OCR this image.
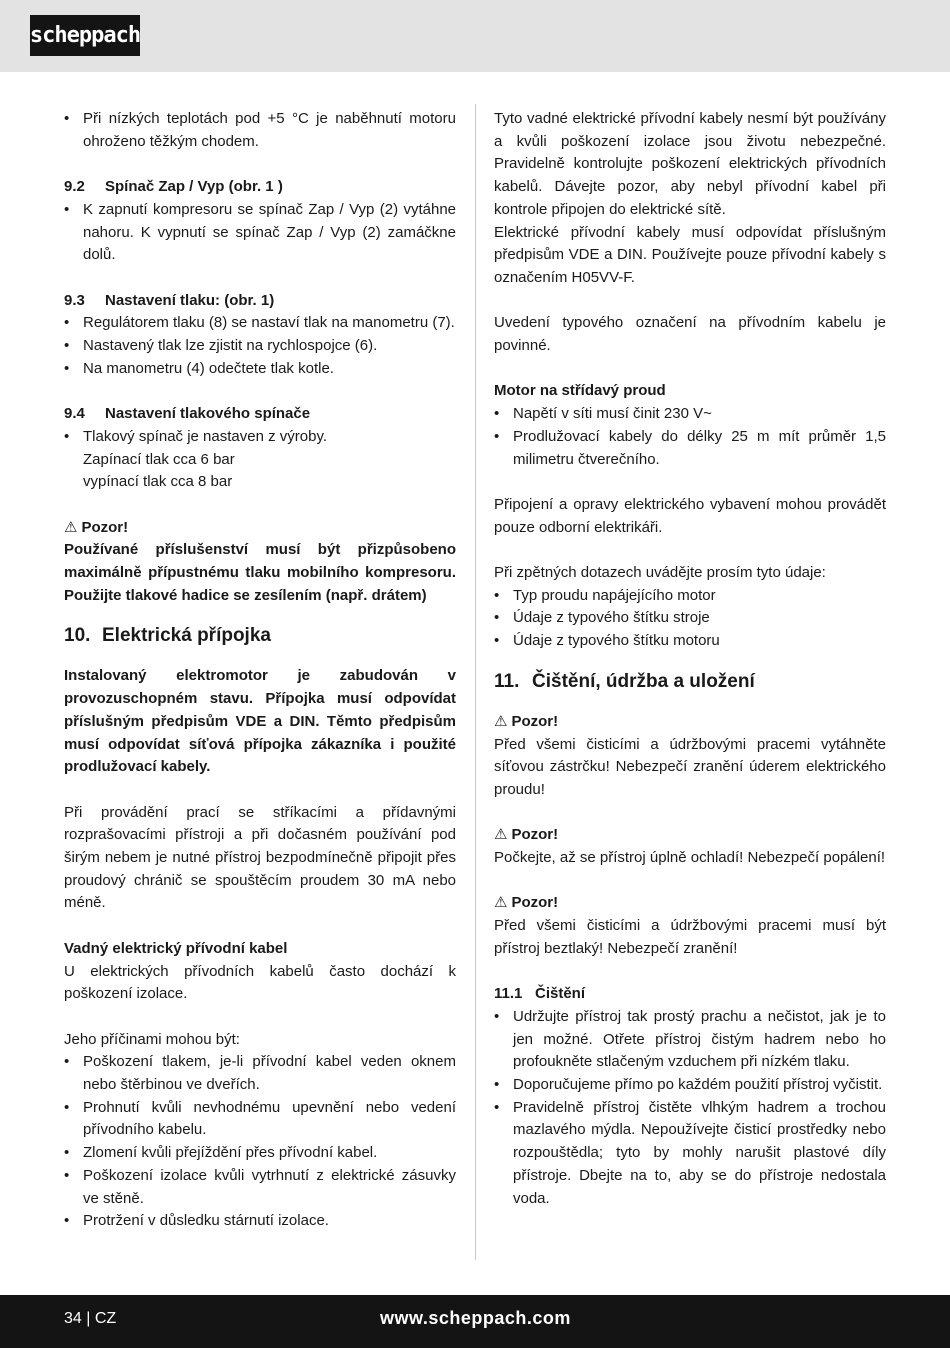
scheppach
• Při nízkých teplotách pod +5 °C je naběhnutí motoru ohroženo těžkým chodem.
9.2 Spínač Zap / Vyp (obr. 1 )
• K zapnutí kompresoru se spínač Zap / Vyp (2) vytáhne nahoru. K vypnutí se spínač Zap / Vyp (2) zamáčkne dolů.
9.3 Nastavení tlaku: (obr. 1)
• Regulátorem tlaku (8) se nastaví tlak na manometru (7).
• Nastavený tlak lze zjistit na rychlospojce (6).
• Na manometru (4) odečtete tlak kotle.
9.4 Nastavení tlakového spínače
• Tlakový spínač je nastaven z výroby.
Zapínací tlak cca 6 bar
vypínací tlak cca 8 bar
⚠ Pozor!

Používané příslušenství musí být přizpůsobeno maximálně přípustnému tlaku mobilního kompresoru. Použijte tlakové hadice se zesílením (např. drátem)

10. Elektrická přípojka

Instalovaný elektromotor je zabudován v provozuschopném stavu. Přípojka musí odpovídat příslušným předpisům VDE a DIN. Těmto předpisům musí odpovídat síťová přípojka zákazníka i použité prodlužovací kabely.

Při provádění prací se stříkacími a přídavnými rozprašovacími přístroji a při dočasném používání pod širým nebem je nutné přístroj bezpodmínečně připojit přes proudový chránič se spouštěcím proudem 30 mA nebo méně.

Vadný elektrický přívodní kabel

U elektrických přívodních kabelů často dochází k poškození izolace.

Jeho příčinami mohou být:

• Poškození tlakem, je-li přívodní kabel veden oknem nebo štěrbinou ve dveřích.
• Prohnutí kvůli nevhodnému upevnění nebo vedení přívodního kabelu.
• Zlomení kvůli přejíždění přes přívodní kabel.
• Poškození izolace kvůli vytrhnutí z elektrické zásuvky ve stěně.
• Protržení v důsledku stárnutí izolace.

Tyto vadné elektrické přívodní kabely nesmí být používány a kvůli poškození izolace jsou životu nebezpečné. Pravidelně kontrolujte poškození elektrických přívodních kabelů. Dávejte pozor, aby nebyl přívodní kabel při kontrole připojen do elektrické sítě.

Elektrické přívodní kabely musí odpovídat příslušným předpisům VDE a DIN. Používejte pouze přívodní kabely s označením H05VV-F.

Uvedení typového označení na přívodním kabelu je povinné.

Motor na střídavý proud
• Napětí v síti musí činit 230 V~
• Prodlužovací kabely do délky 25 m mít průměr 1,5 milimetru čtverečního.

Připojení a opravy elektrického vybavení mohou provádět pouze odborní elektrikáři.

Při zpětných dotazech uvádějte prosím tyto údaje:

• Typ proudu napájejícího motor
• Údaje z typového štítku stroje
• Údaje z typového štítku motoru
11. Čištění, údržba a uložení
⚠ Pozor!

Před všemi čisticími a údržbovými pracemi vytáhněte síťovou zástrčku! Nebezpečí zranění úderem elektrického proudu!

⚠ Pozor!

Počkejte, až se přístroj úplně ochladí! Nebezpečí popálení!

⚠ Pozor!

Před všemi čisticími a údržbovými pracemi musí být přístroj beztlaký! Nebezpečí zranění!

11.1 Čištění
• Udržujte přístroj tak prostý prachu a nečistot, jak je to jen možné. Otřete přístroj čistým hadrem nebo ho profoukněte stlačeným vzduchem při nízkém tlaku.
• Doporučujeme přímo po každém použití přístroj vyčistit.
• Pravidelně přístroj čistěte vlhkým hadrem a trochou mazlavého mýdla. Nepoužívejte čisticí prostředky nebo rozpouštědla; tyto by mohly narušit plastové díly přístroje. Dbejte na to, aby se do přístroje nedostala voda.
34 | CZ	www.scheppach.com
